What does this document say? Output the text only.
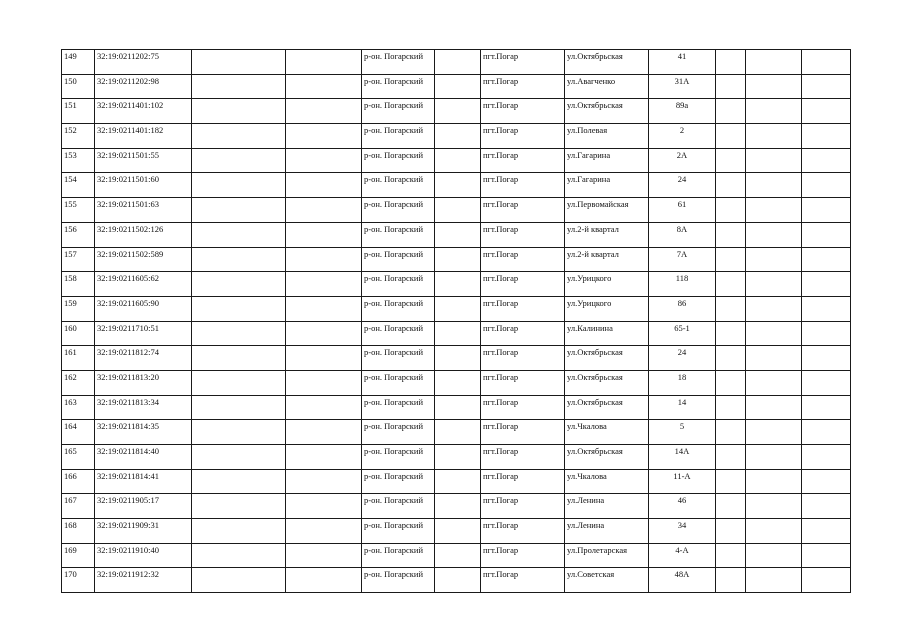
149	32:19:0211202:75			р-он. Погарский		пгт.Погар	ул.Октябрьская	41			
150	32:19:0211202:98			р-он. Погарский		пгт.Погар	ул.Авагченко	31А			
151	32:19:0211401:102			р-он. Погарский		пгт.Погар	ул.Октябрьская	89а			
152	32:19:0211401:182			р-он. Погарский		пгт.Погар	ул.Полевая	2			
153	32:19:0211501:55			р-он. Погарский		пгт.Погар	ул.Гагарина	2А			
154	32:19:0211501:60			р-он. Погарский		пгт.Погар	ул.Гагарина	24			
155	32:19:0211501:63			р-он. Погарский		пгт.Погар	ул.Первомайская	61			
156	32:19:0211502:126			р-он. Погарский		пгт.Погар	ул.2-й квартал	8А			
157	32:19:0211502:589			р-он. Погарский		пгт.Погар	ул.2-й квартал	7А			
158	32:19:0211605:62			р-он. Погарский		пгт.Погар	ул.Урицкого	118			
159	32:19:0211605:90			р-он. Погарский		пгт.Погар	ул.Урицкого	86			
160	32:19:0211710:51			р-он. Погарский		пгт.Погар	ул.Калинина	65-1			
161	32:19:0211812:74			р-он. Погарский		пгт.Погар	ул.Октябрьская	24			
162	32:19:0211813:20			р-он. Погарский		пгт.Погар	ул.Октябрьская	18			
163	32:19:0211813:34			р-он. Погарский		пгт.Погар	ул.Октябрьская	14			
164	32:19:0211814:35			р-он. Погарский		пгт.Погар	ул.Чкалова	5			
165	32:19:0211814:40			р-он. Погарский		пгт.Погар	ул.Октябрьская	14А			
166	32:19:0211814:41			р-он. Погарский		пгт.Погар	ул.Чкалова	11-А			
167	32:19:0211905:17			р-он. Погарский		пгт.Погар	ул.Ленина	46			
168	32:19:0211909:31			р-он. Погарский		пгт.Погар	ул.Ленина	34			
169	32:19:0211910:40			р-он. Погарский		пгт.Погар	ул.Пролетарская	4-А			
170	32:19:0211912:32			р-он. Погарский		пгт.Погар	ул.Советская	48А			
